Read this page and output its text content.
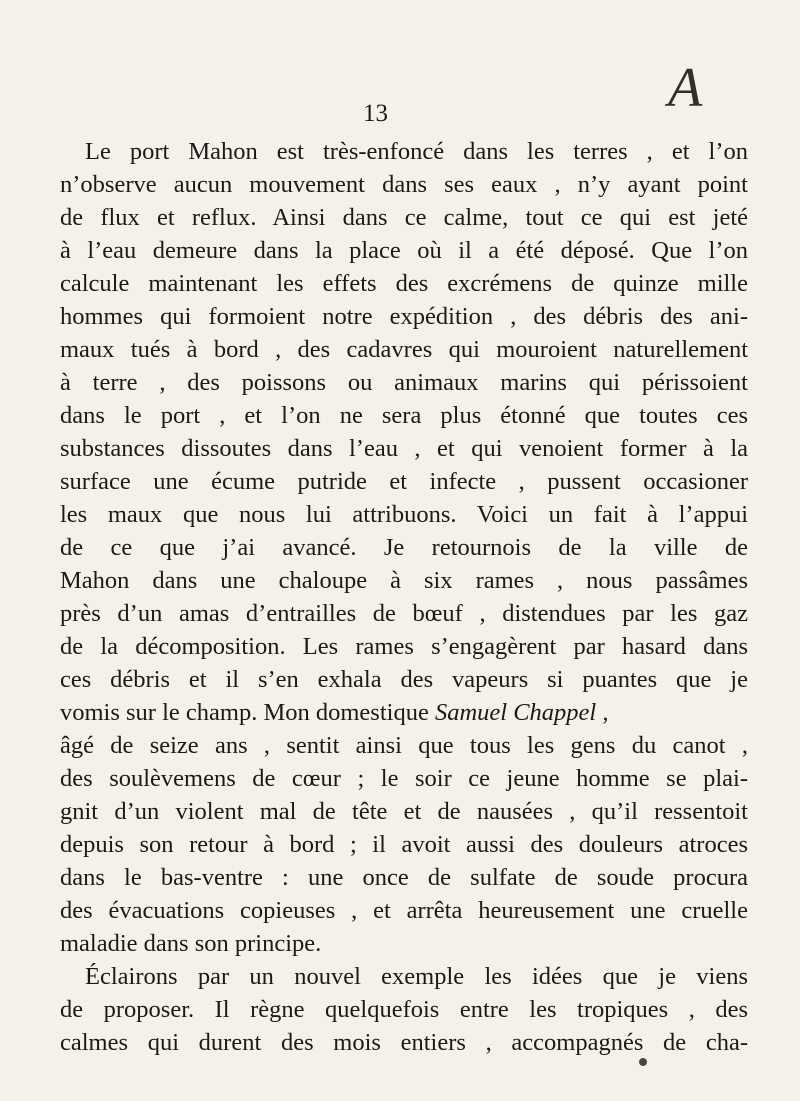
13	A
Le port Mahon est très-enfoncé dans les terres , et l’on
n’observe aucun mouvement dans ses eaux , n’y ayant point
de flux et reflux. Ainsi dans ce calme, tout ce qui est jeté
à l’eau demeure dans la place où il a été déposé. Que l’on
calcule maintenant les effets des excrémens de quinze mille
hommes qui formoient notre expédition , des débris des ani-
maux tués à bord , des cadavres qui mouroient naturellement
à terre , des poissons ou animaux marins qui périssoient
dans le port , et l’on ne sera plus étonné que toutes ces
substances dissoutes dans l’eau , et qui venoient former à la
surface une écume putride et infecte , pussent occasioner
les maux que nous lui attribuons. Voici un fait à l’appui
de ce que j’ai avancé. Je retournois de la ville de
Mahon dans une chaloupe à six rames , nous passâmes
près d’un amas d’entrailles de bœuf , distendues par les gaz
de la décomposition. Les rames s’engagèrent par hasard dans
ces débris et il s’en exhala des vapeurs si puantes que je
vomis sur le champ. Mon domestique Samuel Chappel ,
âgé de seize ans , sentit ainsi que tous les gens du canot ,
des soulèvemens de cœur ; le soir ce jeune homme se plai-
gnit d’un violent mal de tête et de nausées , qu’il ressentoit
depuis son retour à bord ; il avoit aussi des douleurs atroces
dans le bas-ventre : une once de sulfate de soude procura
des évacuations copieuses , et arrêta heureusement une cruelle
maladie dans son principe.
Éclairons par un nouvel exemple les idées que je viens
de proposer. Il règne quelquefois entre les tropiques , des
calmes qui durent des mois entiers , accompagnés de cha-
